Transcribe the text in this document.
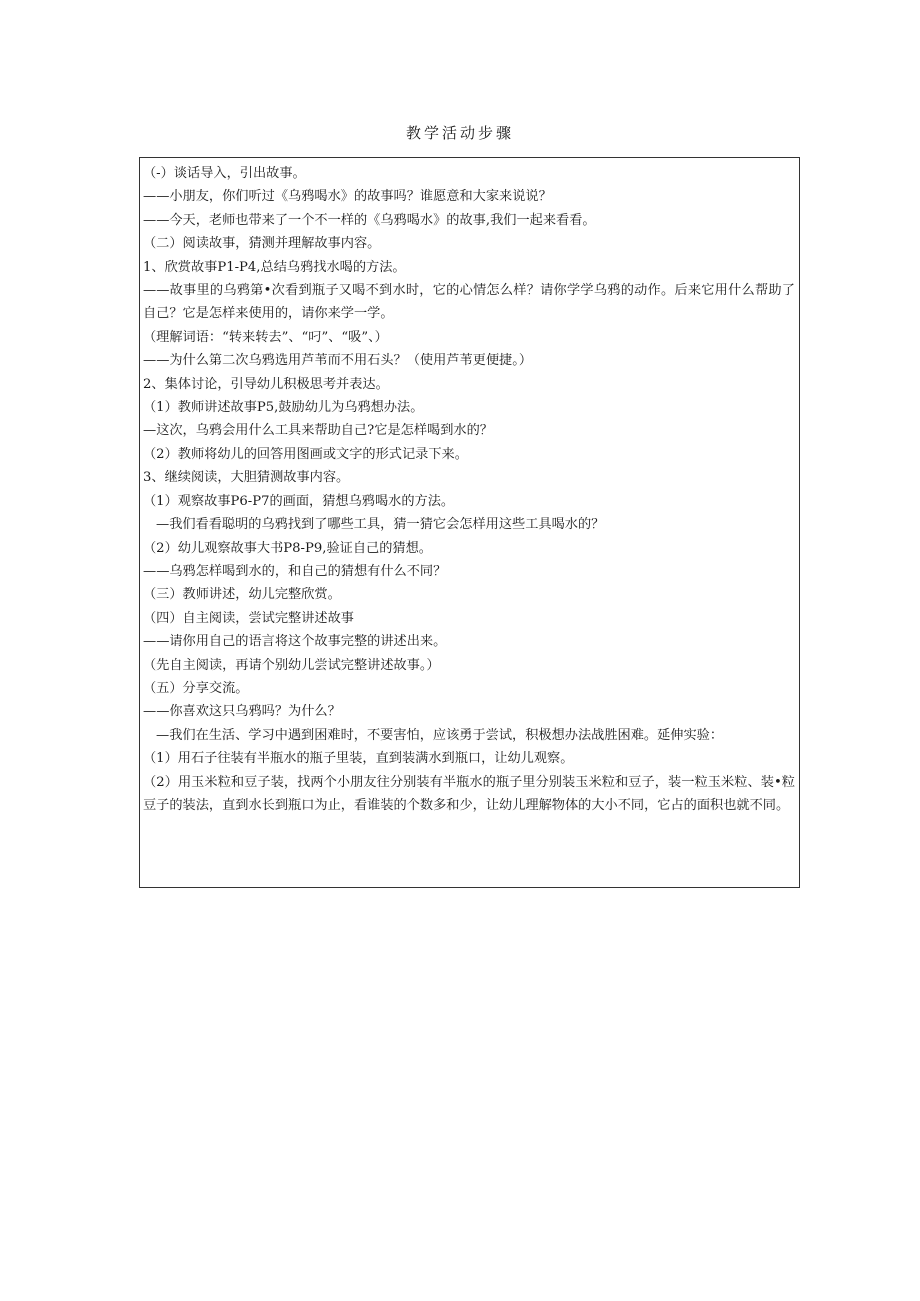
教学活动步骤
（-）谈话导入，引出故事。
——小朋友，你们听过《乌鸦喝水》的故事吗？谁愿意和大家来说说？
——今天，老师也带来了一个不一样的《乌鸦喝水》的故事,我们一起来看看。
（二）阅读故事，猜测并理解故事内容。
1、欣赏故事P1-P4,总结乌鸦找水喝的方法。
——故事里的乌鸦第•次看到瓶子又喝不到水时，它的心情怎么样？请你学学乌鸦的动作。后来它用什么帮助了自己？它是怎样来使用的，请你来学一学。
（理解词语：“转来转去”、“叼”、“吸”、）
——为什么第二次乌鸦选用芦苇而不用石头？（使用芦苇更便捷。）
2、集体讨论，引导幼儿积极思考并表达。
（1）教师讲述故事P5,鼓励幼儿为乌鸦想办法。
—这次，乌鸦会用什么工具来帮助自己?它是怎样喝到水的？
（2）教师将幼儿的回答用图画或文字的形式记录下来。
3、继续阅读，大胆猜测故事内容。
（1）观察故事P6-P7的画面，猜想乌鸦喝水的方法。
—我们看看聪明的乌鸦找到了哪些工具，猜一猜它会怎样用这些工具喝水的？
（2）幼儿观察故事大书P8-P9,验证自己的猜想。
——乌鸦怎样喝到水的，和自己的猜想有什么不同？
（三）教师讲述，幼儿完整欣赏。
（四）自主阅读，尝试完整讲述故事
——请你用自己的语言将这个故事完整的讲述出来。
（先自主阅读，再请个别幼儿尝试完整讲述故事。）
（五）分享交流。
——你喜欢这只乌鸦吗？为什么？
—我们在生活、学习中遇到困难时，不要害怕，应该勇于尝试，积极想办法战胜困难。延伸实验：
（1）用石子往装有半瓶水的瓶子里装，直到装满水到瓶口，让幼儿观察。
（2）用玉米粒和豆子装，找两个小朋友往分别装有半瓶水的瓶子里分别装玉米粒和豆子，装一粒玉米粒、装•粒豆子的装法，直到水长到瓶口为止，看谁装的个数多和少，让幼儿理解物体的大小不同，它占的面积也就不同。
